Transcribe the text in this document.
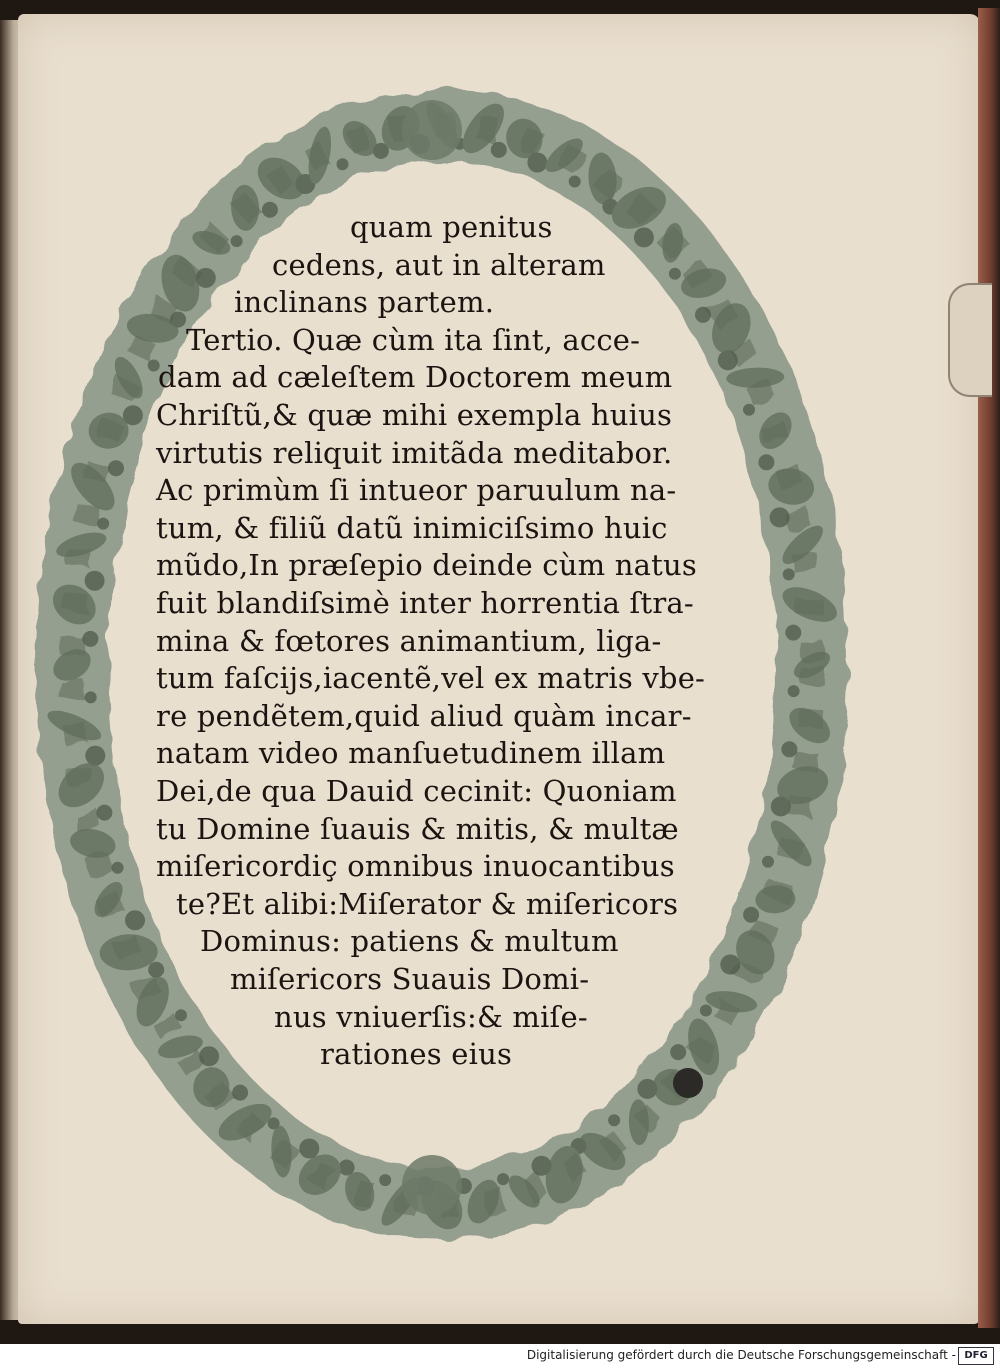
quam penitus
cedens, aut in alteram
inclinans partem.
Tertio. Quæ cùm ita ſint, acce-
dam ad cæleſtem Doctorem meum
Chriſtũ,& quæ mihi exempla huius
virtutis reliquit imitãda meditabor.
Ac primùm ſi intueor paruulum na-
tum, & filiũ datũ inimiciſsimo huic
mũdo,In præſepio deinde cùm natus
fuit blandiſsimè inter horrentia ſtra-
mina & fœtores animantium, liga-
tum faſcijs,iacentẽ,vel ex matris vbe-
re pendẽtem,quid aliud quàm incar-
natam video manſuetudinem illam
Dei,de qua Dauid cecinit: Quoniam
tu Domine ſuauis & mitis, & multæ
miſericordiç omnibus inuocantibus
te?Et alibi:Miſerator & miſericors
Dominus: patiens & multum
miſericors Suauis Domi-
nus vniuerſis:& miſe-
rationes eius
Digitalisierung gefördert durch die Deutsche Forschungsgemeinschaft - DFG
